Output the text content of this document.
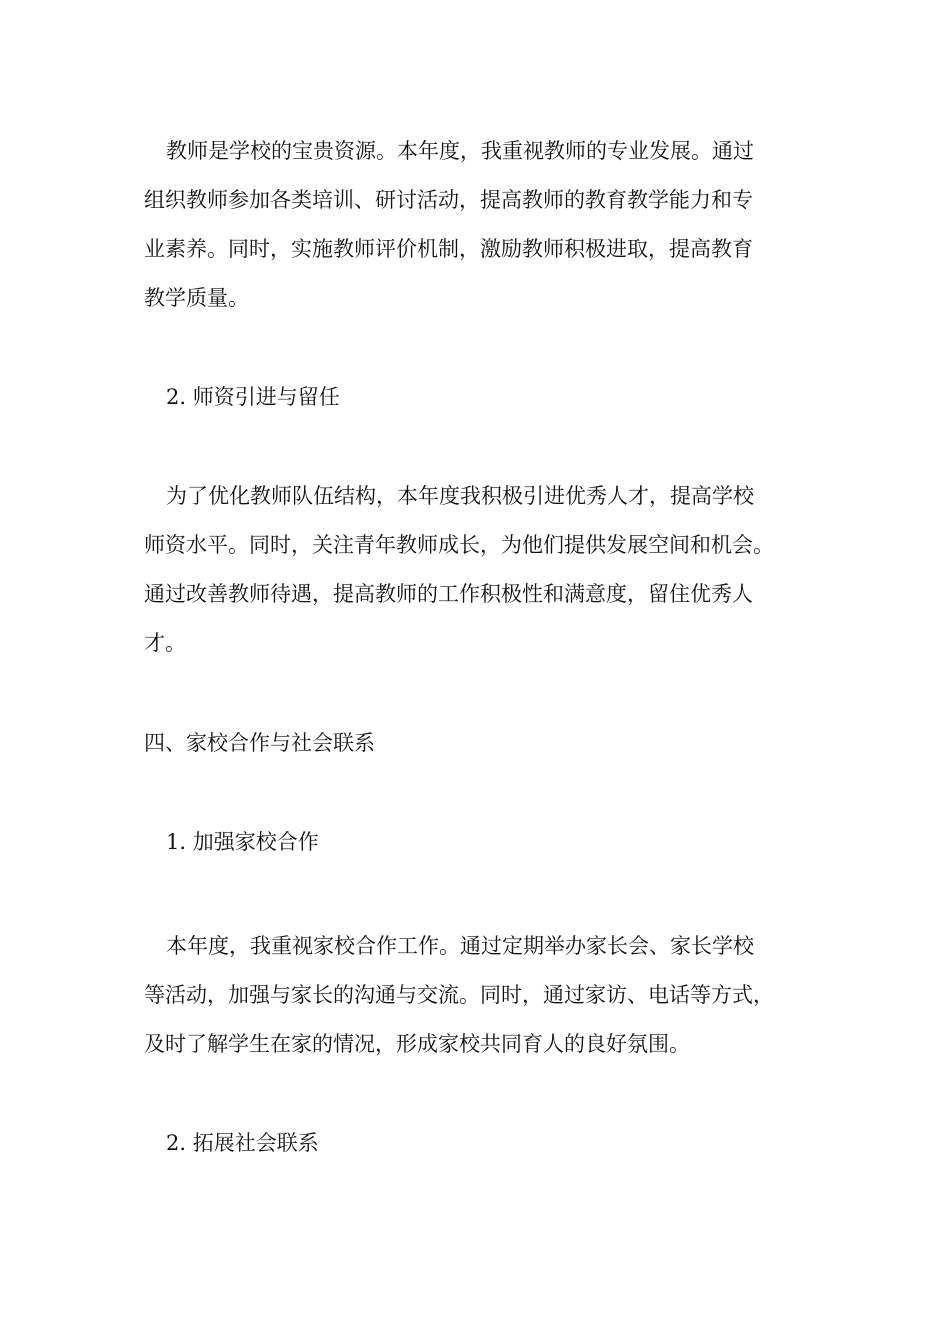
教师是学校的宝贵资源。本年度，我重视教师的专业发展。通过
组织教师参加各类培训、研讨活动，提高教师的教育教学能力和专
业素养。同时，实施教师评价机制，激励教师积极进取，提高教育
教学质量。
2. 师资引进与留任
为了优化教师队伍结构，本年度我积极引进优秀人才，提高学校
师资水平。同时，关注青年教师成长，为他们提供发展空间和机会。
通过改善教师待遇，提高教师的工作积极性和满意度，留住优秀人
才。
四、家校合作与社会联系
1. 加强家校合作
本年度，我重视家校合作工作。通过定期举办家长会、家长学校
等活动，加强与家长的沟通与交流。同时，通过家访、电话等方式，
及时了解学生在家的情况，形成家校共同育人的良好氛围。
2. 拓展社会联系
